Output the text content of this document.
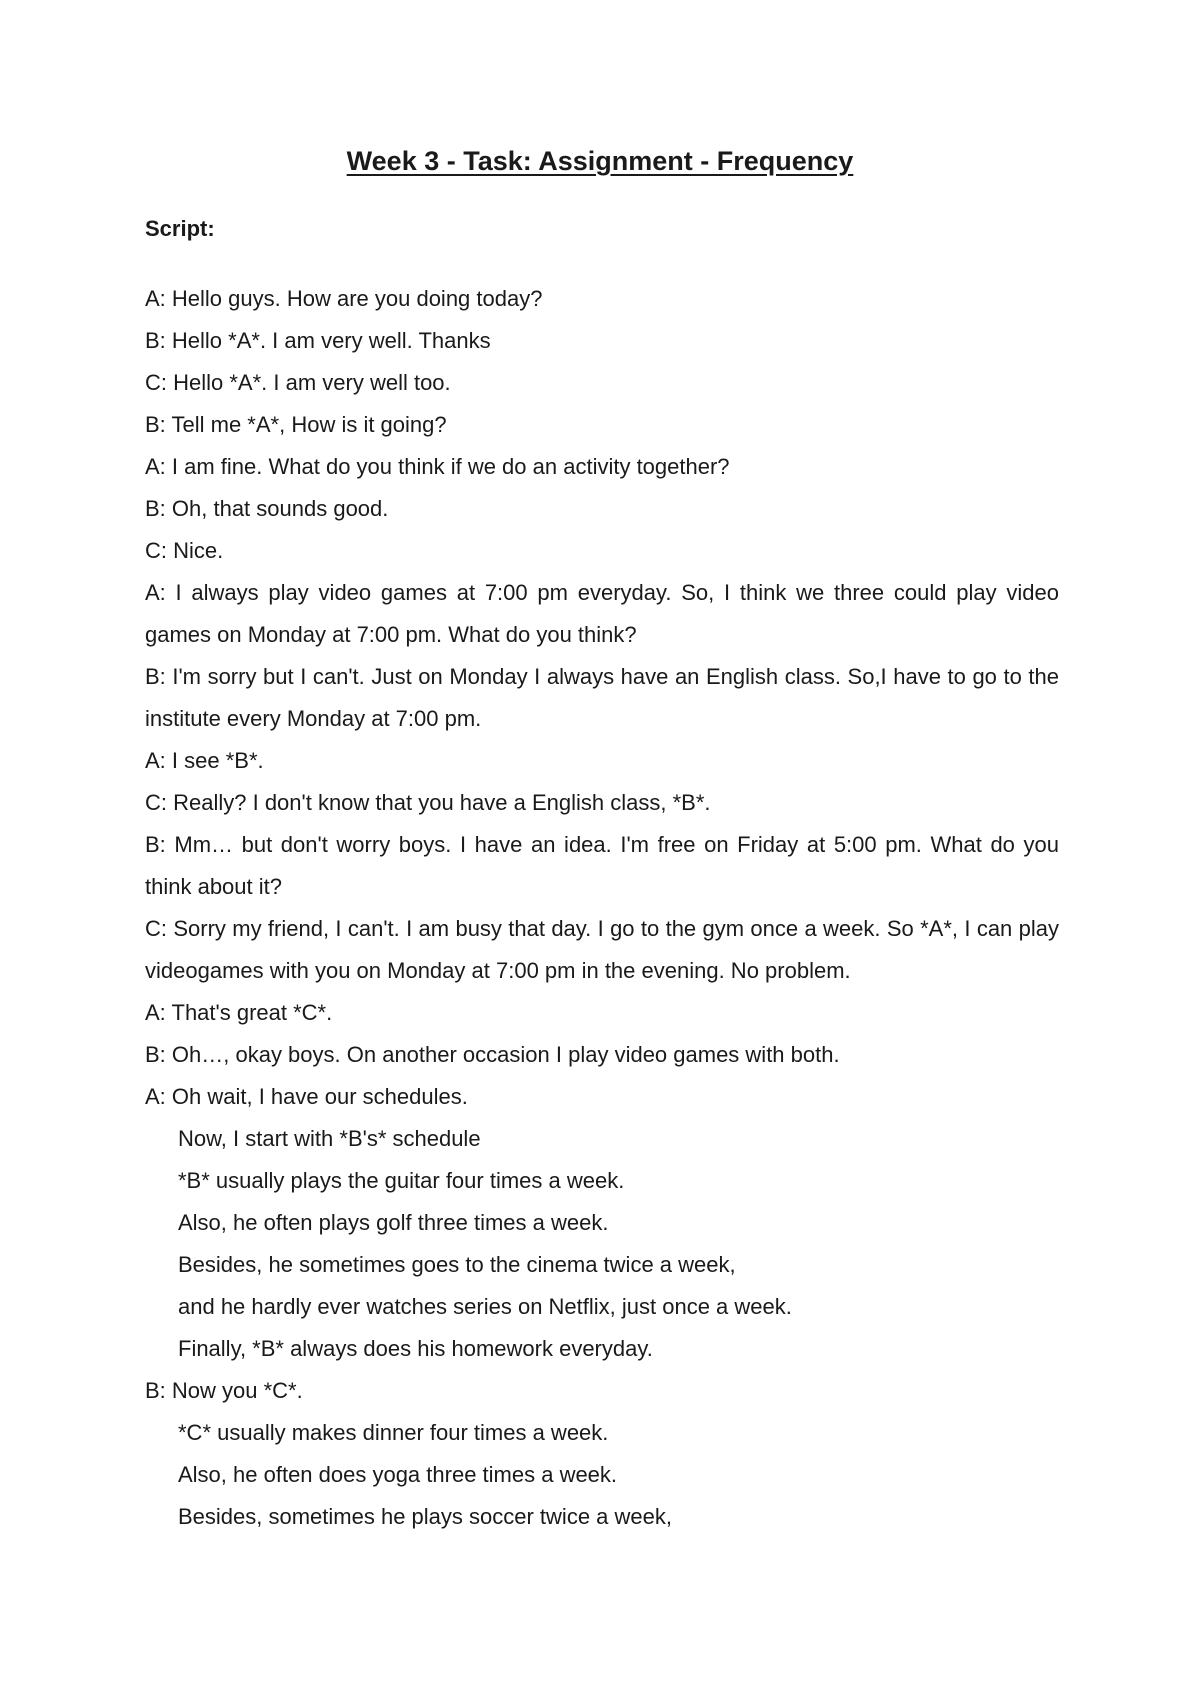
Week 3 - Task: Assignment - Frequency

Script:

A: Hello guys. How are you doing today?

B: Hello *A*. I am very well. Thanks

C: Hello *A*. I am very well too.

B: Tell me *A*, How is it going?

A: I am fine. What do you think if we do an activity together?

B: Oh, that sounds good.

C: Nice.

A: I always play video games at 7:00 pm everyday. So, I think we three could play video games on Monday at 7:00 pm. What do you think?

B: I'm sorry but I can't. Just on Monday I always have an English class. So,I have to go to the institute every Monday at 7:00 pm.

A: I see *B*.

C: Really? I don't know that you have a English class, *B*.

B: Mm… but don't worry boys. I have an idea. I'm free on Friday at 5:00 pm. What do you think about it?

C: Sorry my friend, I can't. I am busy that day. I go to the gym once a week. So *A*, I can play videogames with you on Monday at 7:00 pm in the evening. No problem.

A: That's great *C*.

B: Oh…, okay boys. On another occasion I play video games with both.

A: Oh wait, I have our schedules.

Now, I start with *B's* schedule

*B* usually plays the guitar four times a week.

Also, he often plays golf three times a week.

Besides, he sometimes goes to the cinema twice a week,

and he hardly ever watches series on Netflix, just once a week.

Finally, *B* always does his homework everyday.

B: Now you *C*.

*C* usually makes dinner four times a week.

Also, he often does yoga three times a week.

Besides, sometimes he plays soccer twice a week,
